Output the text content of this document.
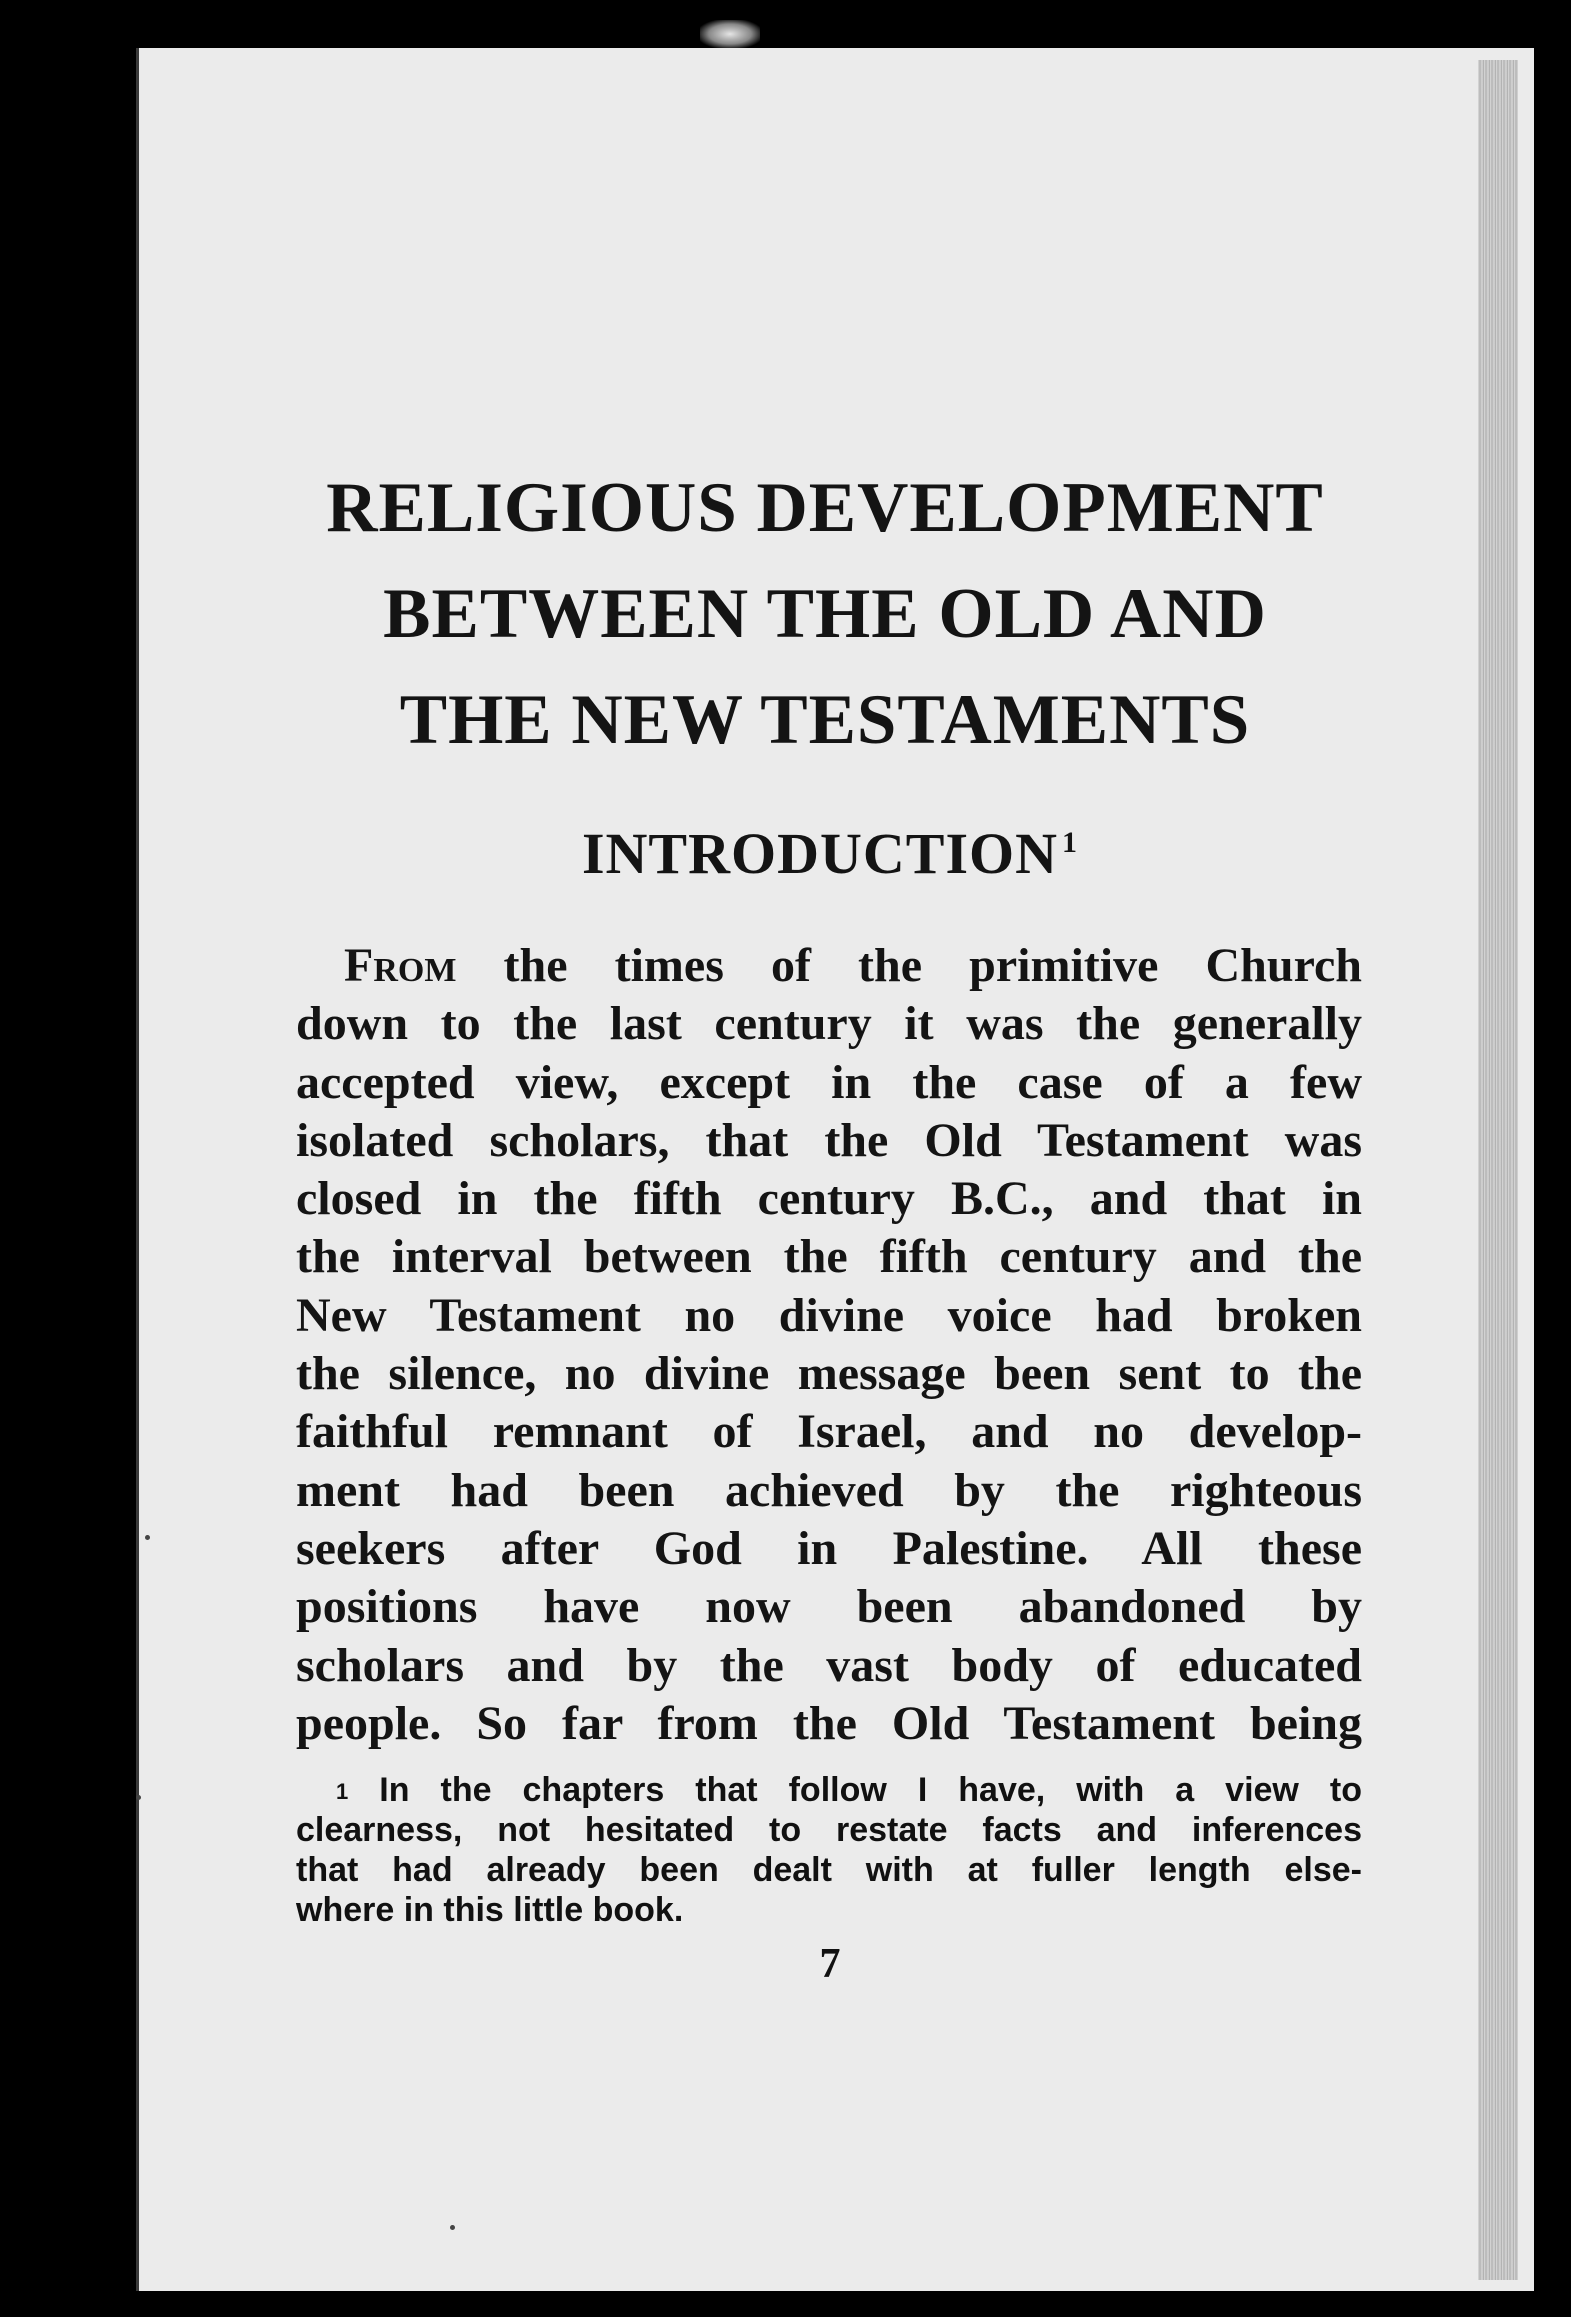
RELIGIOUS DEVELOPMENT
BETWEEN THE OLD AND
THE NEW TESTAMENTS
INTRODUCTION $^1$
From the times of the primitive Church
down to the last century it was the generally
accepted view, except in the case of a few
isolated scholars, that the Old Testament was
closed in the fifth century B.C., and that in
the interval between the fifth century and the
New Testament no divine voice had broken
the silence, no divine message been sent to the
faithful remnant of Israel, and no develop-
ment had been achieved by the righteous
seekers after God in Palestine. All these
positions have now been abandoned by
scholars and by the vast body of educated
people. So far from the Old Testament being
$^1$ In the chapters that follow I have, with a view to
clearness, not hesitated to restate facts and inferences
that had already been dealt with at fuller length else-
where in this little book.
7
